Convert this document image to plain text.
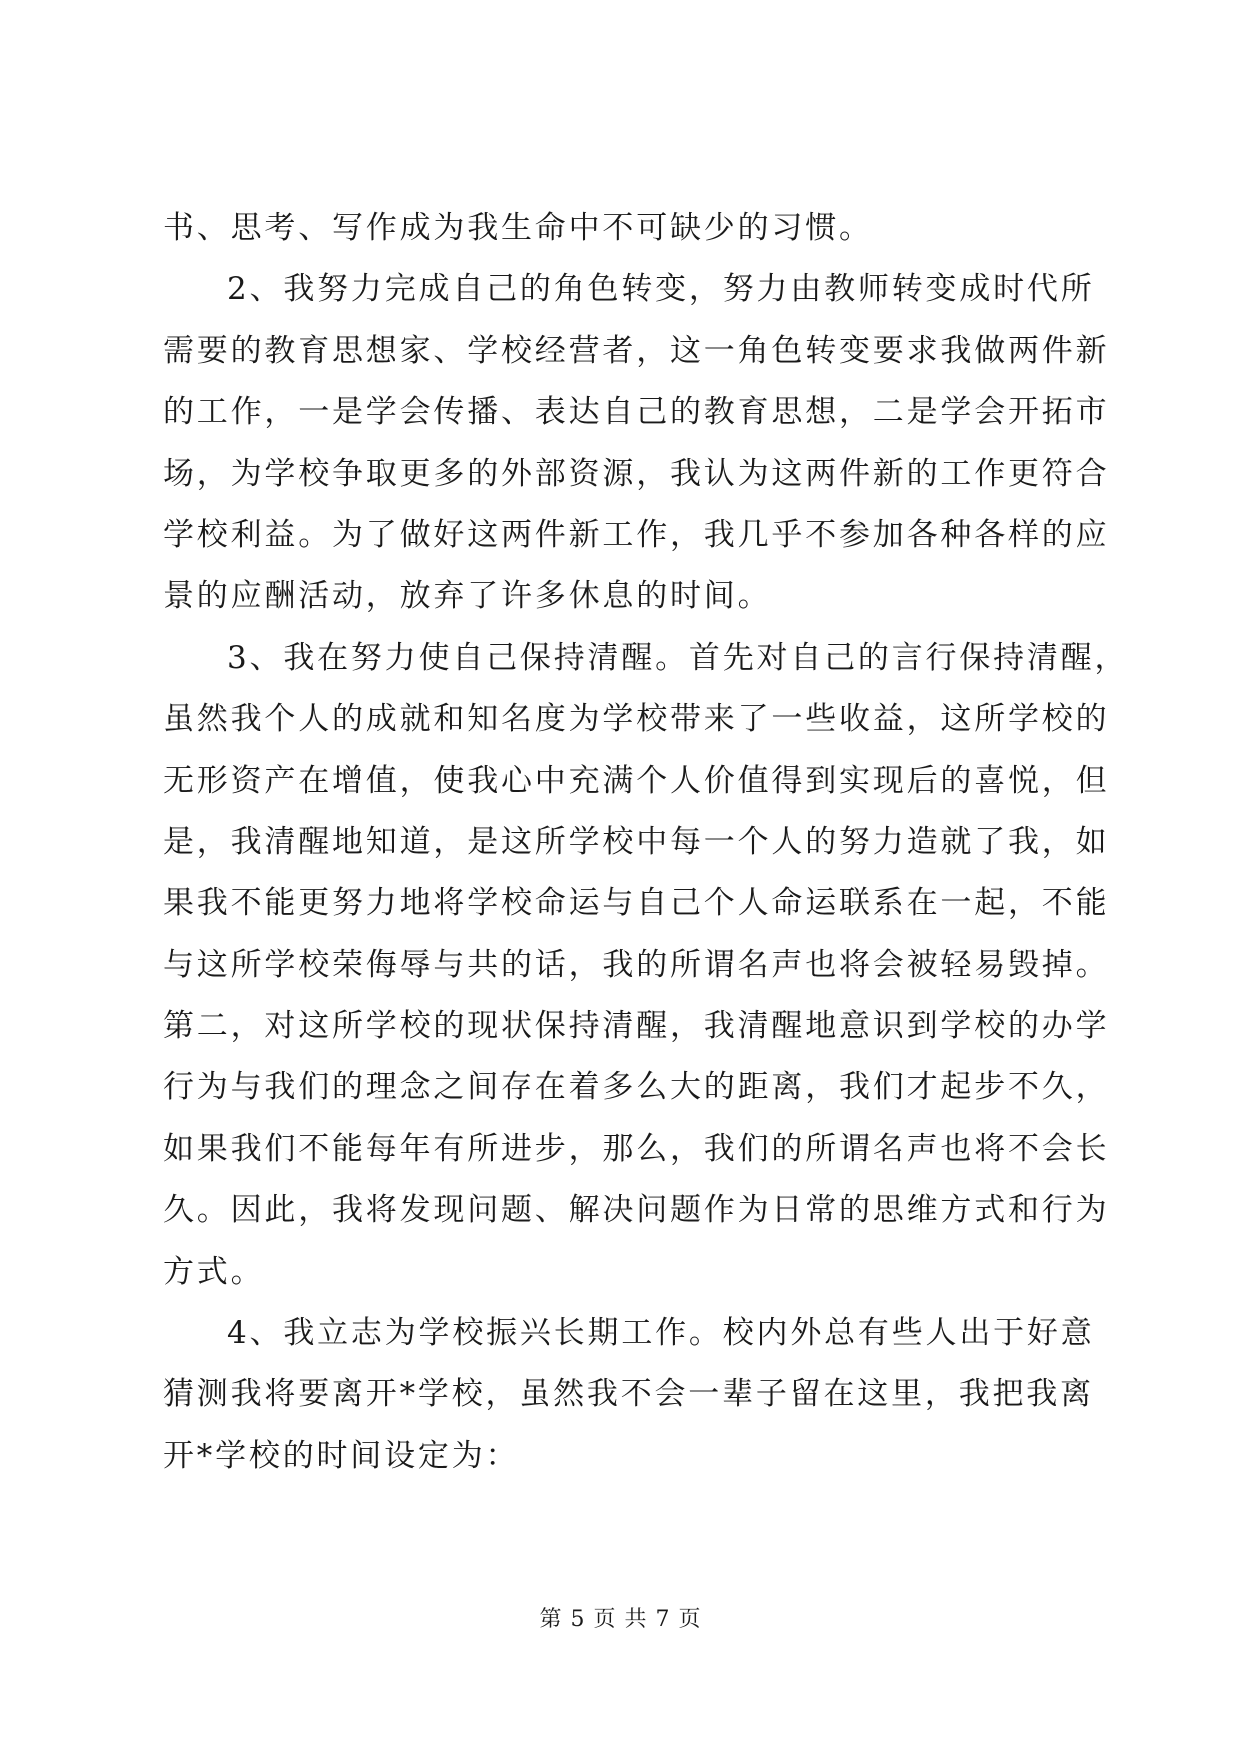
书、思考、写作成为我生命中不可缺少的习惯。
2、我努力完成自己的角色转变，努力由教师转变成时代所
需要的教育思想家、学校经营者，这一角色转变要求我做两件新
的工作，一是学会传播、表达自己的教育思想，二是学会开拓市
场，为学校争取更多的外部资源，我认为这两件新的工作更符合
学校利益。为了做好这两件新工作，我几乎不参加各种各样的应
景的应酬活动，放弃了许多休息的时间。
3、我在努力使自己保持清醒。首先对自己的言行保持清醒，
虽然我个人的成就和知名度为学校带来了一些收益，这所学校的
无形资产在增值，使我心中充满个人价值得到实现后的喜悦，但
是，我清醒地知道，是这所学校中每一个人的努力造就了我，如
果我不能更努力地将学校命运与自己个人命运联系在一起，不能
与这所学校荣侮辱与共的话，我的所谓名声也将会被轻易毁掉。
第二，对这所学校的现状保持清醒，我清醒地意识到学校的办学
行为与我们的理念之间存在着多么大的距离，我们才起步不久，
如果我们不能每年有所进步，那么，我们的所谓名声也将不会长
久。因此，我将发现问题、解决问题作为日常的思维方式和行为
方式。
4、我立志为学校振兴长期工作。校内外总有些人出于好意
猜测我将要离开*学校，虽然我不会一辈子留在这里，我把我离
开*学校的时间设定为：
第 5 页 共 7 页
